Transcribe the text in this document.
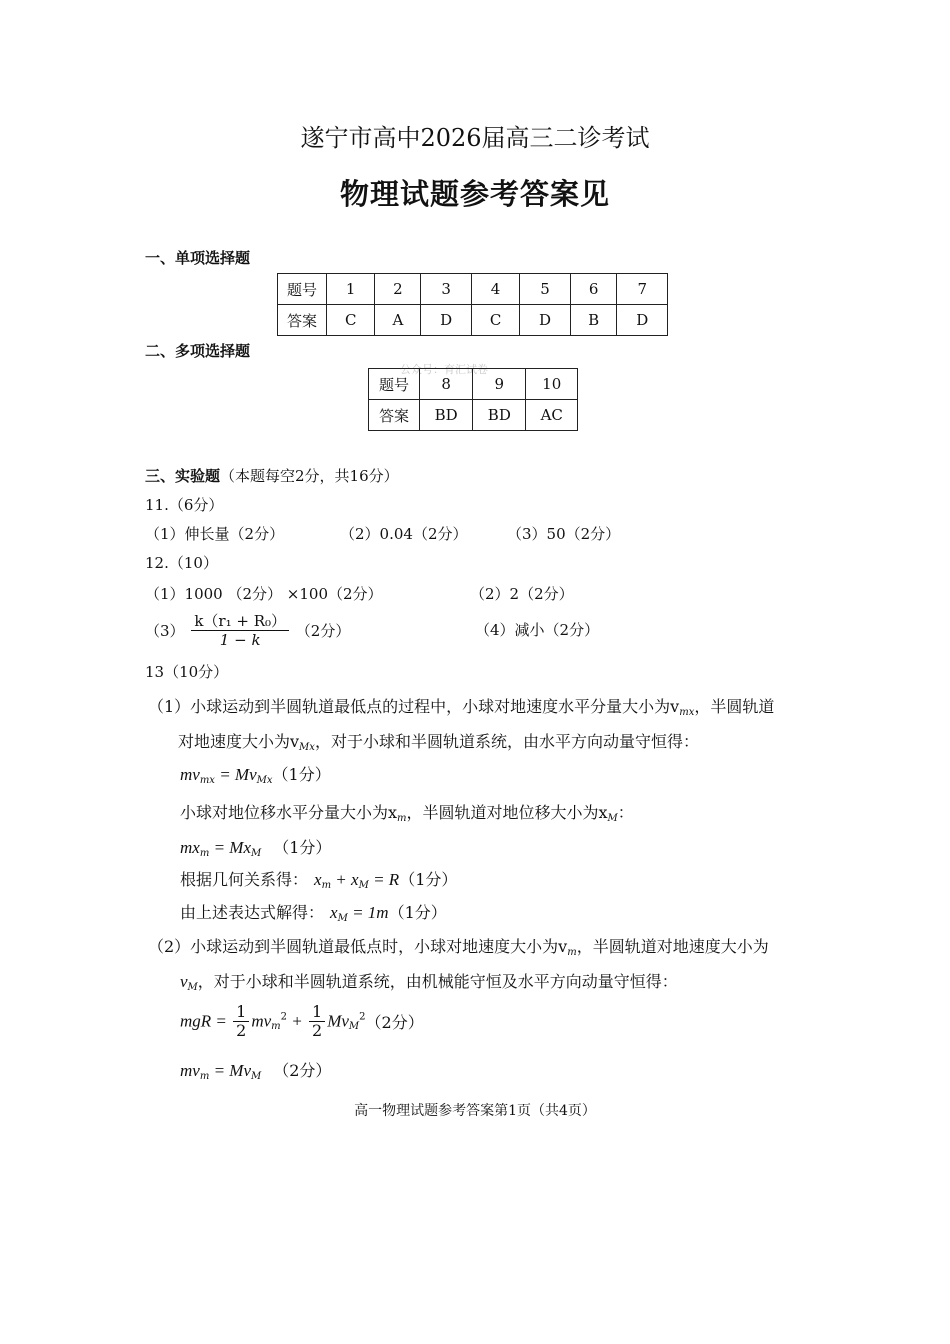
遂宁市高中2026届高三二诊考试
物理试题参考答案见
一、单项选择题
题号	1	2	3	4	5	6	7
答案	C	A	D	C	D	B	D
二、多项选择题
公众号：育汇试卷
题号	8	9	10
答案	BD	BD	AC
三、实验题（本题每空2分，共16分）
11.（6分）
（1）伸长量（2分）	（2）0.04（2分）	（3）50（2分）
12.（10）
（1）1000 （2分） ×100（2分）	（2）2（2分）
$(3) \frac{\text{k（r₁ + R₀）}}{1 - k} (2$分）	（4）减小（2分）
13（10分）
（1）小球运动到半圆轨道最低点的过程中，小球对地速度水平分量大小为$v_{mx}$，半圆轨道
对地速度大小为$v_{Mx}$，对于小球和半圆轨道系统，由水平方向动量守恒得：
$mv_{mx} = Mv_{Mx}(1$分）
小球对地位移水平分量大小为$x_m$，半圆轨道对地位移大小为$x_M$：
$mx_m = Mx_M$ （1分）
根据几何关系得： $x_m + x_M = R(1$分）
由上述表达式解得： $x_M = 1m(1$分）
（2）小球运动到半圆轨道最低点时，小球对地速度大小为$v_m$，半圆轨道对地速度大小为
$v_M$，对于小球和半圆轨道系统，由机械能守恒及水平方向动量守恒得：
mgR = $\frac{1}{2} mv_m^2 + \frac{1}{2} Mv_M^2(2$分）
$mv_m = Mv_M$ （2分）
高一物理试题参考答案第1页（共4页）
